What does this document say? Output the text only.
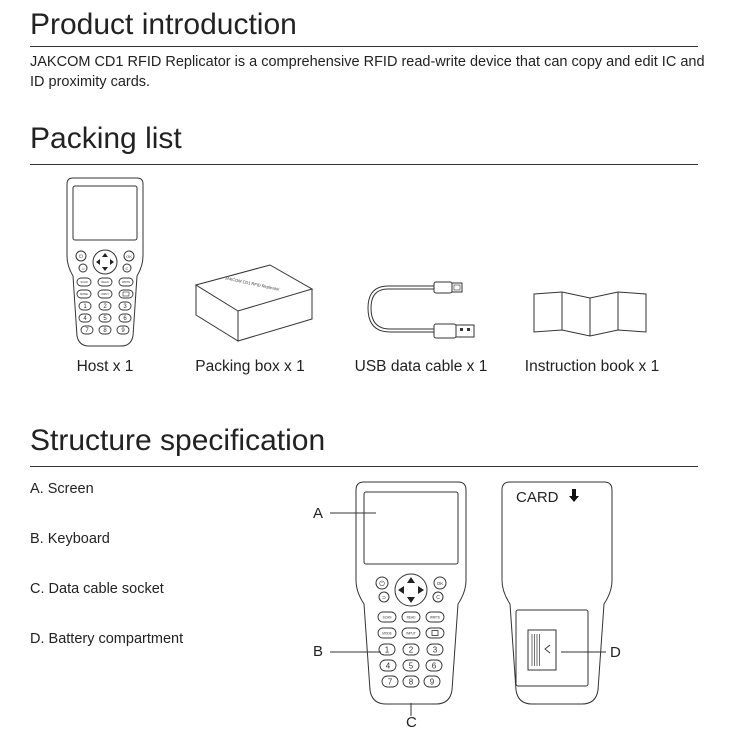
Product introduction

JAKCOM CD1 RFID Replicator is a comprehensive RFID read-write device that can copy and edit IC and ID proximity cards.

Packing list
⏻	OK
⊃	C
SCAN	READ	WRITE
MODE	INPUT
1	2	3
4	5	6
7 8 9
Host x 1
JAKCOM CD1 RFID Replicator
Packing box x 1	USB data cable x 1	Instruction book x 1
Structure specification
A. Screen
B. Keyboard
C. Data cable socket
D. Battery compartment
⏻	OK
⊃	C
SCAN	READ	WRITE
MODE	INPUT
1 2 3
4 5 6
7 8 9
A
B
C
D
CARD
